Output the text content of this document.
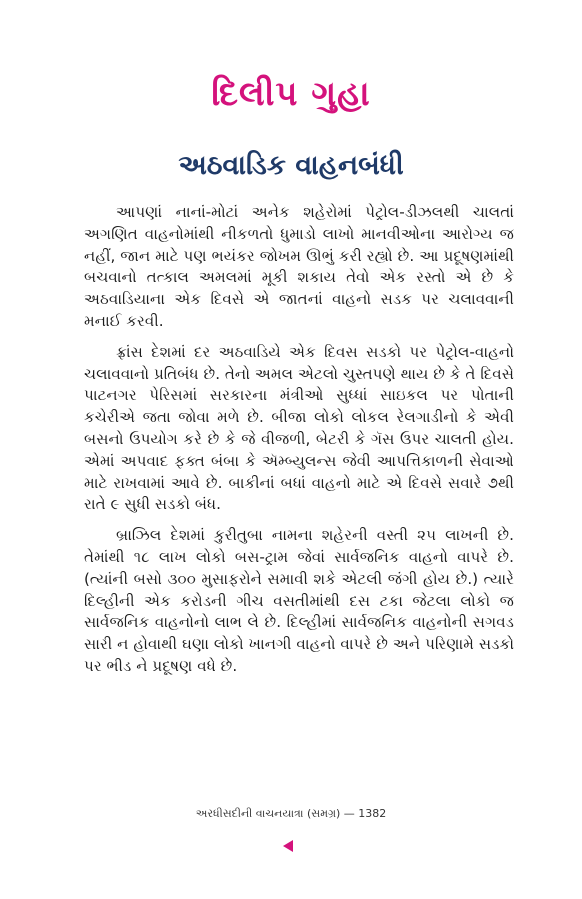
દિલીપ ગુહા
અઠવાડિક વાહનબંધી

આપણાં નાનાં-મોટાં અનેક શહેરોમાં પેટ્રોલ-ડીઝલથી ચાલતાં અગણિત વાહનોમાંથી નીકળતો ધુમાડો લાખો માનવીઓના આરોગ્ય જ નહીં, જાન માટે પણ ભયંકર જોખમ ઊભું કરી રહ્યો છે. આ પ્રદૂષણમાંથી બચવાનો તત્કાલ અમલમાં મૂકી શકાય તેવો એક રસ્તો એ છે કે અઠવાડિયાના એક દિવસે એ જાતનાં વાહનો સડક પર ચલાવવાની મનાઈ કરવી.

ફ્રાંસ દેશમાં દર અઠવાડિયે એક દિવસ સડકો પર પેટ્રોલ-વાહનો ચલાવવાનો પ્રતિબંધ છે. તેનો અમલ એટલો ચુસ્તપણે થાય છે કે તે દિવસે પાટનગર પેરિસમાં સરકારના મંત્રીઓ સુધ્ધાં સાઇકલ પર પોતાની કચેરીએ જતા જોવા મળે છે. બીજા લોકો લોકલ રેલગાડીનો કે એવી બસનો ઉપયોગ કરે છે કે જે વીજળી, બેટરી કે ગૅસ ઉપર ચાલતી હોય. એમાં અપવાદ ફક્ત બંબા કે ઍમ્બ્યુલન્સ જેવી આપત્તિકાળની સેવાઓ માટે રાખવામાં આવે છે. બાકીનાં બધાં વાહનો માટે એ દિવસે સવારે ૭થી રાતે ૯ સુધી સડકો બંધ.

બ્રાઝિલ દેશમાં કુરીતુબા નામના શહેરની વસ્તી ૨૫ લાખની છે. તેમાંથી ૧૮ લાખ લોકો બસ-ટ્રામ જેવાં સાર્વજનિક વાહનો વાપરે છે. (ત્યાંની બસો ૩૦૦ મુસાફરોને સમાવી શકે એટલી જંગી હોય છે.) ત્યારે દિલ્હીની એક કરોડની ગીચ વસતીમાંથી દસ ટકા જેટલા લોકો જ સાર્વજનિક વાહનોનો લાભ લે છે. દિલ્હીમાં સાર્વજનિક વાહનોની સગવડ સારી ન હોવાથી ઘણા લોકો ખાનગી વાહનો વાપરે છે અને પરિણામે સડકો પર ભીડ ને પ્રદૂષણ વધે છે.

અરધીસદીની વાચનયાત્રા (સમગ્ર) — 1382
